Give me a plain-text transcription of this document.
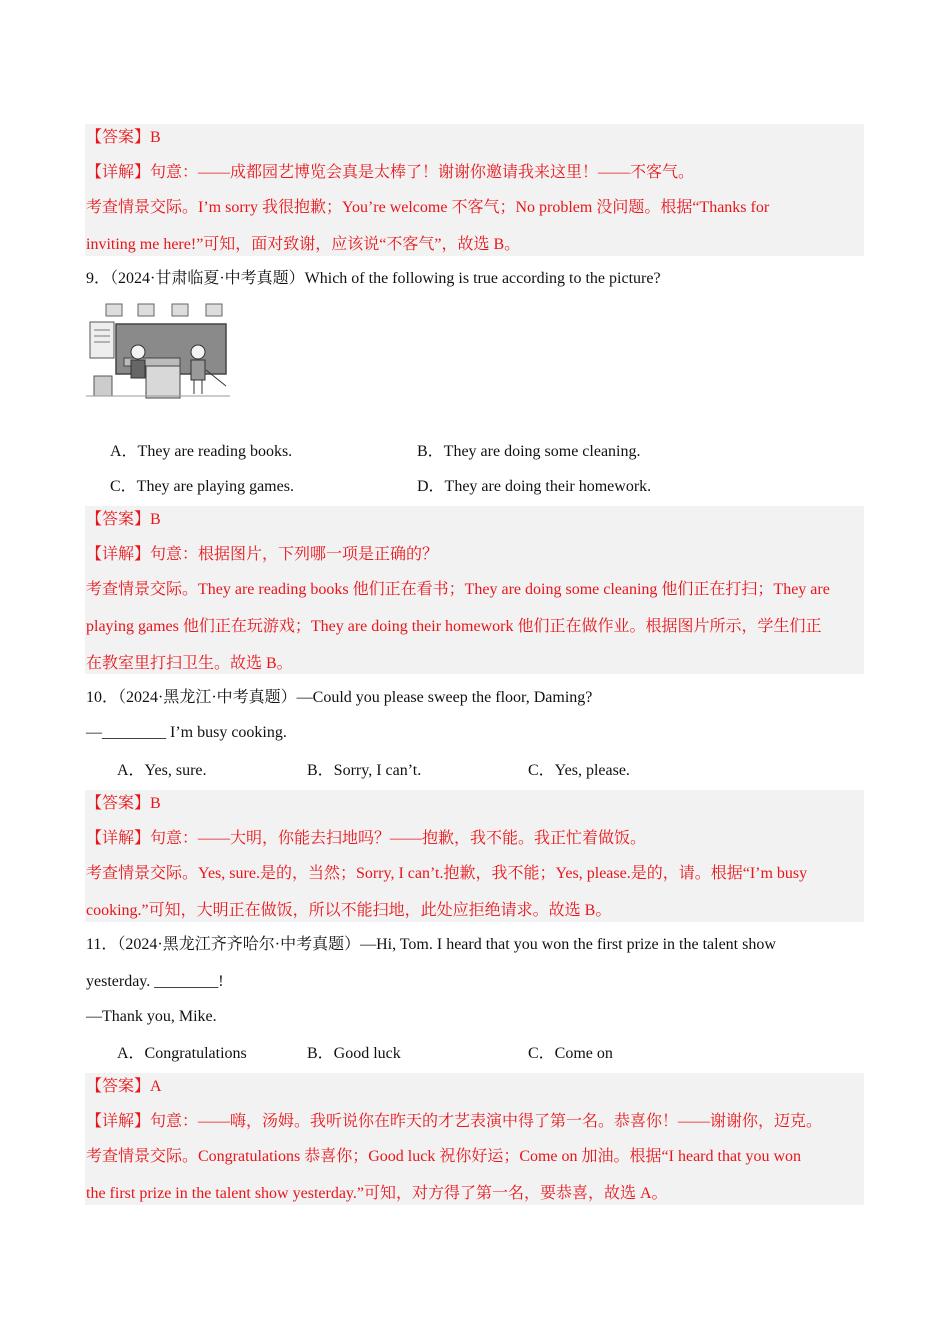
【答案】B
【详解】句意：——成都园艺博览会真是太棒了！谢谢你邀请我来这里！——不客气。
考查情景交际。I’m sorry 我很抱歉；You’re welcome 不客气；No problem 没问题。根据“Thanks for
inviting me here!”可知，面对致谢，应该说“不客气”，故选 B。
9．（2024·甘肃临夏·中考真题）Which of the following is true according to the picture?
A．They are reading books.	B．They are doing some cleaning.
C．They are playing games.	D．They are doing their homework.
【答案】B
【详解】句意：根据图片，下列哪一项是正确的？
考查情景交际。They are reading books 他们正在看书；They are doing some cleaning 他们正在打扫；They are
playing games 他们正在玩游戏；They are doing their homework 他们正在做作业。根据图片所示，学生们正
在教室里打扫卫生。故选 B。
10．（2024·黑龙江·中考真题）—Could you please sweep the floor, Daming?
—________ I’m busy cooking.
A．Yes, sure.	B．Sorry, I can’t.	C．Yes, please.
【答案】B
【详解】句意：——大明，你能去扫地吗？——抱歉，我不能。我正忙着做饭。
考查情景交际。Yes, sure.是的，当然；Sorry, I can’t.抱歉，我不能；Yes, please.是的，请。根据“I’m busy
cooking.”可知，大明正在做饭，所以不能扫地，此处应拒绝请求。故选 B。
11．（2024·黑龙江齐齐哈尔·中考真题）—Hi, Tom. I heard that you won the first prize in the talent show
yesterday. ________!
—Thank you, Mike.
A．Congratulations	B．Good luck	C．Come on
【答案】A
【详解】句意：——嗨，汤姆。我听说你在昨天的才艺表演中得了第一名。恭喜你！——谢谢你，迈克。
考查情景交际。Congratulations 恭喜你；Good luck 祝你好运；Come on 加油。根据“I heard that you won
the first prize in the talent show yesterday.”可知，对方得了第一名，要恭喜，故选 A。
